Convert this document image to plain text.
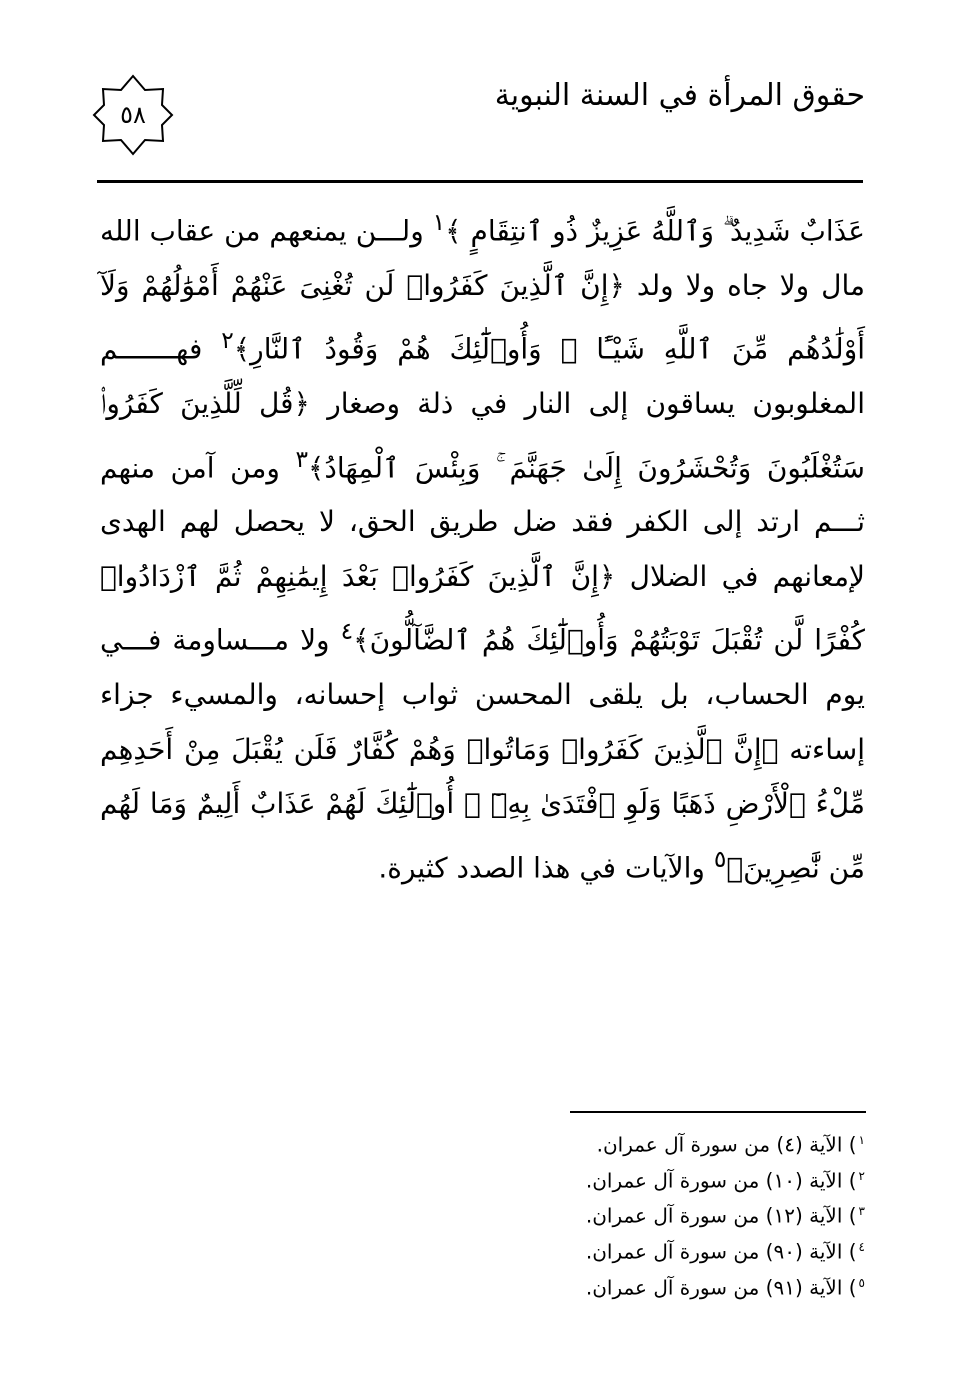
حقوق المرأة في السنة النبوية
٥٨

عَذَابٌ شَدِيدٌ ۗ وَٱللَّهُ عَزِيزٌ ذُو ٱنتِقَامٍ ﴾$^١$ ولـــن يمنعهم من عقاب الله مال ولا جاه ولا ولد ﴿إِنَّ ٱلَّذِينَ كَفَرُوا۟ لَن تُغْنِىَ عَنْهُمْ أَمْوَٰلُهُمْ وَلَآ أَوْلَٰدُهُم مِّنَ ٱللَّهِ شَيْـًٔا ۖ وَأُو۟لَٰٓئِكَ هُمْ وَقُودُ ٱلنَّارِ﴾$^٢$ فهـــــــم المغلوبون يساقون إلى النار في ذلة وصغار ﴿قُل لِّلَّذِينَ كَفَرُوا۟ سَتُغْلَبُونَ وَتُحْشَرُونَ إِلَىٰ جَهَنَّمَ ۚ وَبِئْسَ ٱلْمِهَادُ﴾$^٣$ ومن آمن منهم ثـــم ارتد إلى الكفر فقد ضل طريق الحق، لا يحصل لهم الهدى لإمعانهم في الضلال ﴿إِنَّ ٱلَّذِينَ كَفَرُوا۟ بَعْدَ إِيمَٰنِهِمْ ثُمَّ ٱزْدَادُوا۟ كُفْرًا لَّن تُقْبَلَ تَوْبَتُهُمْ وَأُو۟لَٰٓئِكَ هُمُ ٱلضَّآلُّونَ﴾$^٤$ ولا مـــساومة فـــي يوم الحساب، بل يلقى المحسن ثواب إحسانه، والمسيء جزاء إساءته ﴿إِنَّ ٱلَّذِينَ كَفَرُوا۟ وَمَاتُوا۟ وَهُمْ كُفَّارٌ فَلَن يُقْبَلَ مِنْ أَحَدِهِم مِّلْءُ ٱلْأَرْضِ ذَهَبًا وَلَوِ ٱفْتَدَىٰ بِهِۦٓ ۗ أُو۟لَٰٓئِكَ لَهُمْ عَذَابٌ أَلِيمٌ وَمَا لَهُم مِّن نَّٰصِرِينَ﴾$^٥$ والآيات في هذا الصدد كثيرة.

$^١$) الآية (٤) من سورة آل عمران.
$^٢$) الآية (١٠) من سورة آل عمران.
$^٣$) الآية (١٢) من سورة آل عمران.
$^٤$) الآية (٩٠) من سورة آل عمران.
$^٥$) الآية (٩١) من سورة آل عمران.
